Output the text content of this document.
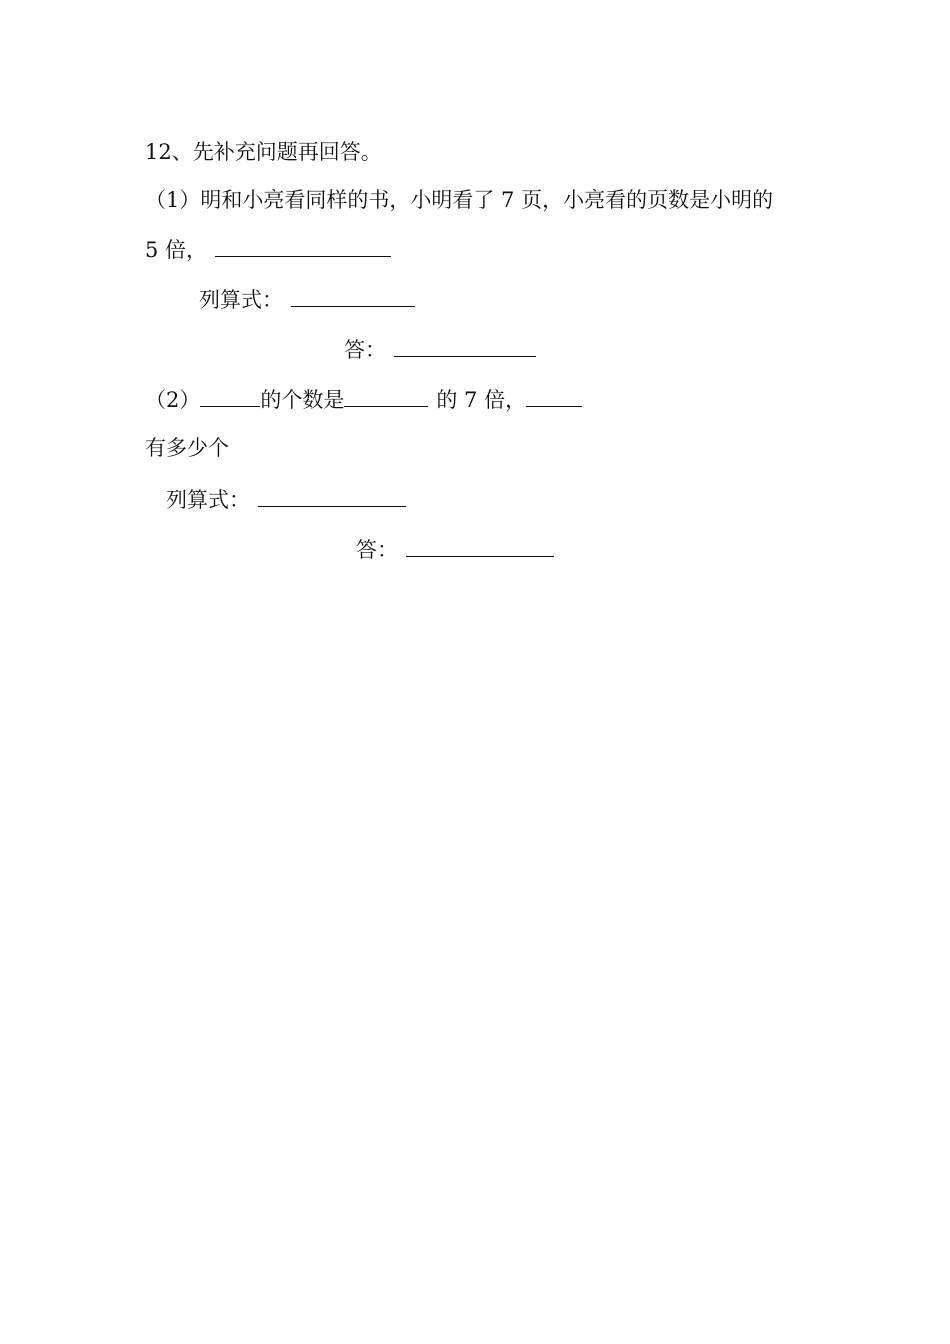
12、先补充问题再回答。
（1）明和小亮看同样的书，小明看了 7 页，小亮看的页数是小明的
5 倍，
列算式：
答：
（2）	的个数是	的 7 倍，
有多少个
列算式：
答：
